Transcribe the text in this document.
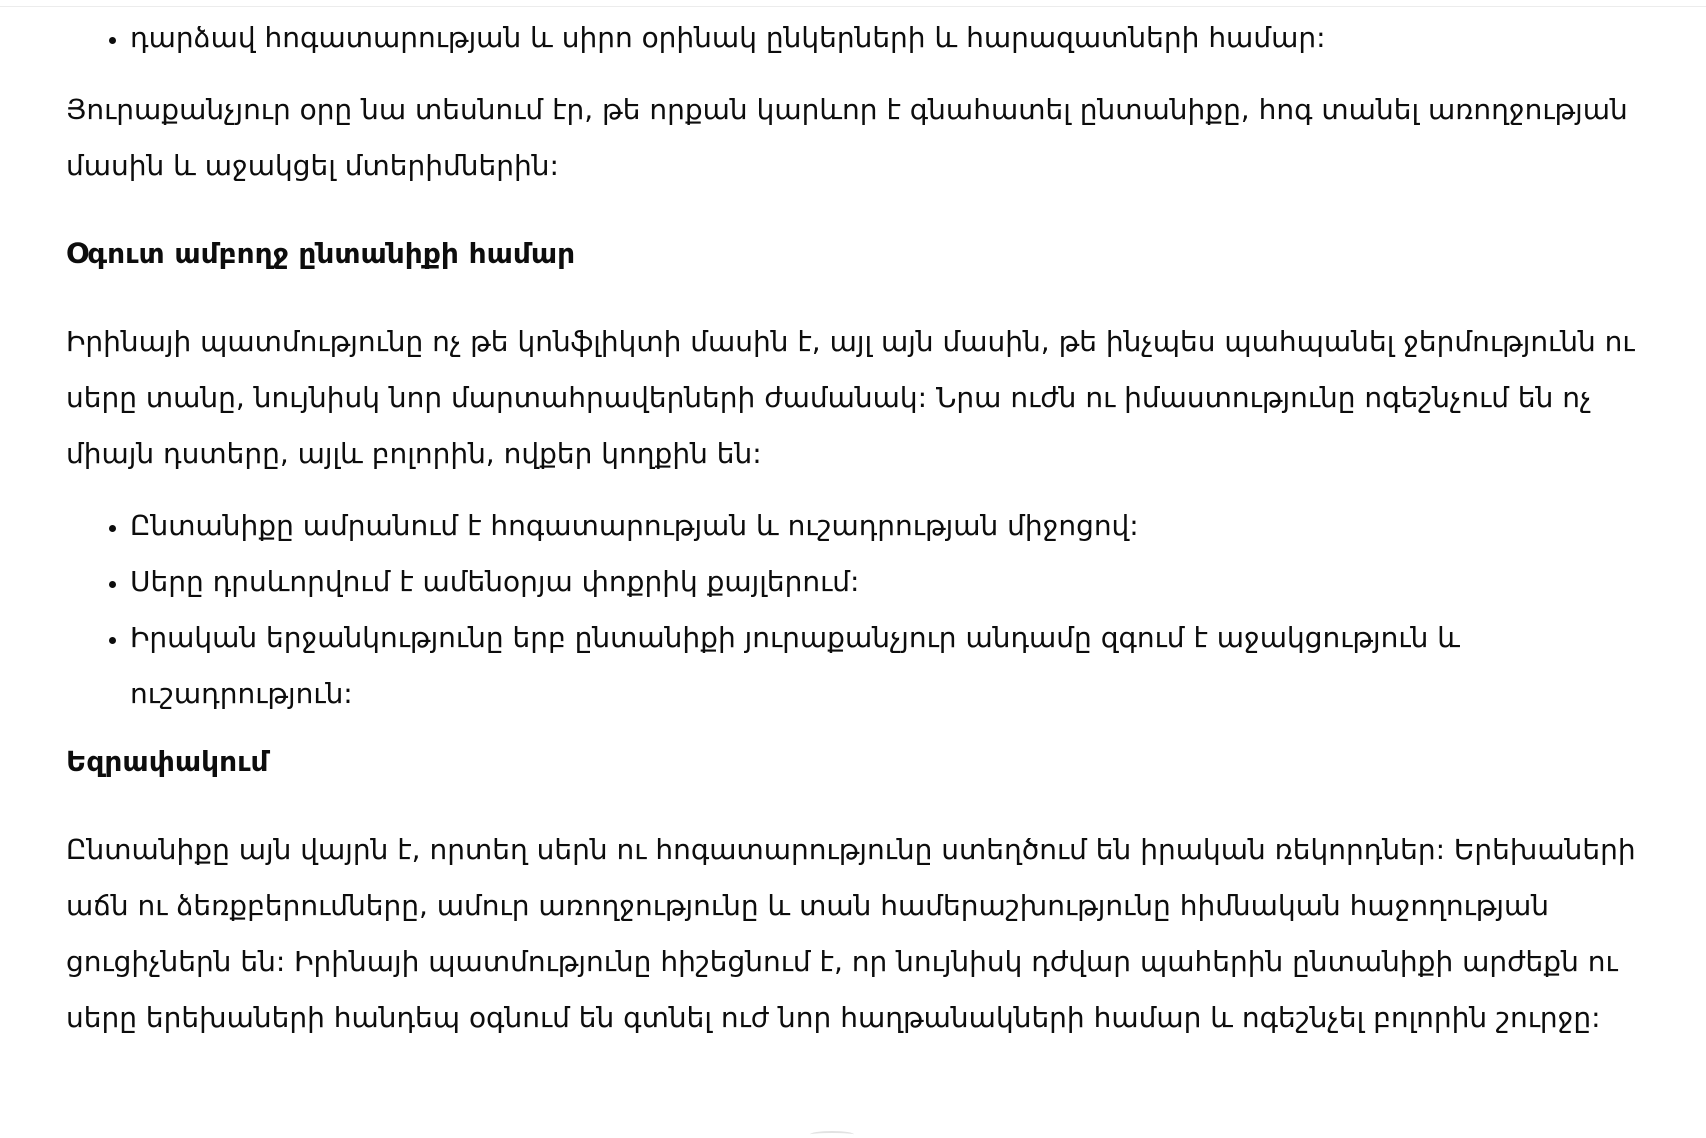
• դարձավ հոգատարության և սիրո օրինակ ընկերների և հարազատների համար:

Յուրաքանչյուր օրը նա տեսնում էր, թե որքան կարևոր է գնահատել ընտանիքը, հոգ տանել առողջության մասին և աջակցել մտերիմներին:

Օգուտ ամբողջ ընտանիքի համար

Իրինայի պատմությունը ոչ թե կոնֆլիկտի մասին է, այլ այն մասին, թե ինչպես պահպանել ջերմությունն ու սերը տանը, նույնիսկ նոր մարտահրավերների ժամանակ: Նրա ուժն ու իմաստությունը ոգեշնչում են ոչ միայն դստերը, այլև բոլորին, ովքեր կողքին են:

• Ընտանիքը ամրանում է հոգատարության և ուշադրության միջոցով:
• Սերը դրսևորվում է ամենօրյա փոքրիկ քայլերում:
• Իրական երջանկությունը երբ ընտանիքի յուրաքանչյուր անդամը զգում է աջակցություն և ուշադրություն:

Եզրափակում

Ընտանիքը այն վայրն է, որտեղ սերն ու հոգատարությունը ստեղծում են իրական ռեկորդներ: Երեխաների աճն ու ձեռքբերումները, ամուր առողջությունը և տան համերաշխությունը հիմնական հաջողության ցուցիչներն են: Իրինայի պատմությունը հիշեցնում է, որ նույնիսկ դժվար պահերին ընտանիքի արժեքն ու սերը երեխաների հանդեպ օգնում են գտնել ուժ նոր հաղթանակների համար և ոգեշնչել բոլորին շուրջը:
